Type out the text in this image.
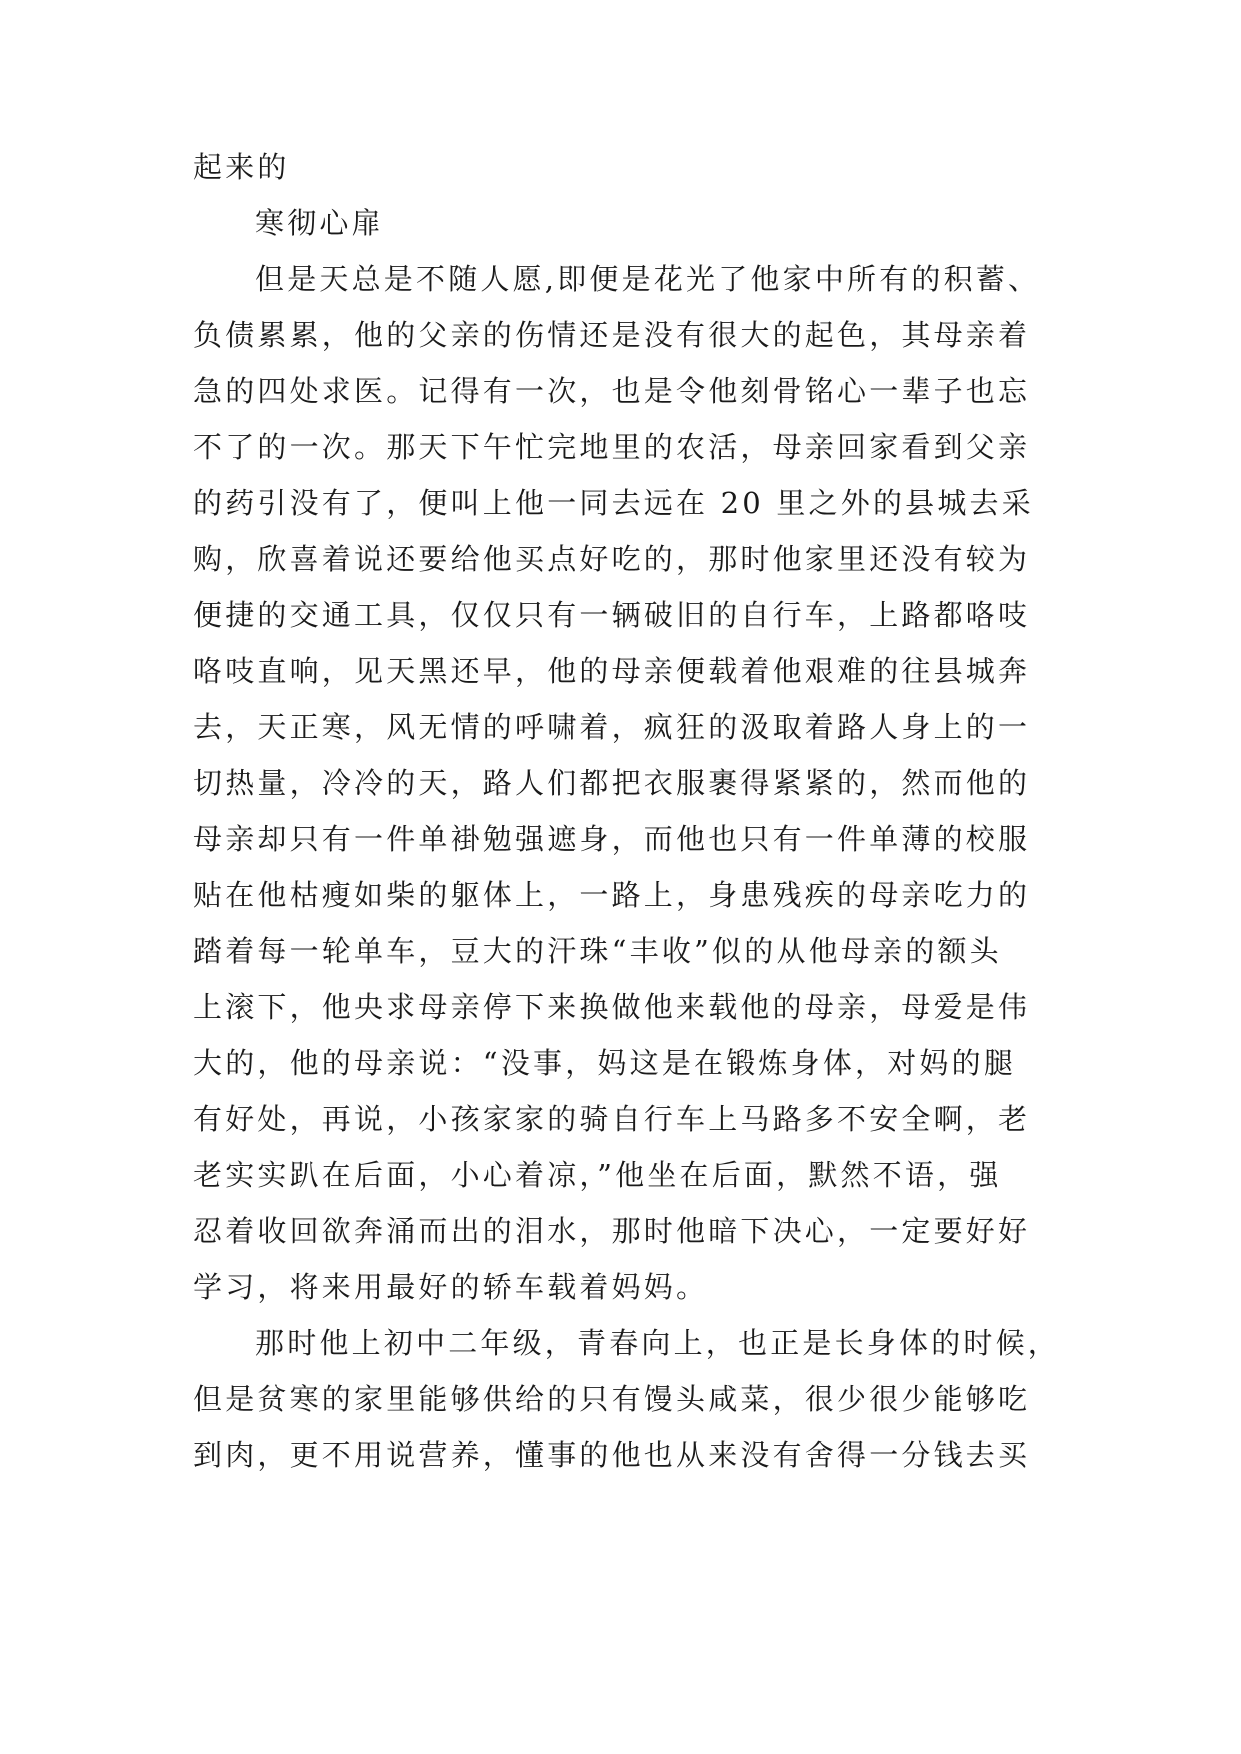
起来的
寒彻心扉
但是天总是不随人愿,即便是花光了他家中所有的积蓄、
负债累累，他的父亲的伤情还是没有很大的起色，其母亲着
急的四处求医。记得有一次，也是令他刻骨铭心一辈子也忘
不了的一次。那天下午忙完地里的农活，母亲回家看到父亲
的药引没有了，便叫上他一同去远在 20 里之外的县城去采
购，欣喜着说还要给他买点好吃的，那时他家里还没有较为
便捷的交通工具，仅仅只有一辆破旧的自行车，上路都咯吱
咯吱直响，见天黑还早，他的母亲便载着他艰难的往县城奔
去，天正寒，风无情的呼啸着，疯狂的汲取着路人身上的一
切热量，冷冷的天，路人们都把衣服裹得紧紧的，然而他的
母亲却只有一件单褂勉强遮身，而他也只有一件单薄的校服
贴在他枯瘦如柴的躯体上，一路上，身患残疾的母亲吃力的
踏着每一轮单车，豆大的汗珠“丰收”似的从他母亲的额头
上滚下，他央求母亲停下来换做他来载他的母亲，母爱是伟
大的，他的母亲说：“没事，妈这是在锻炼身体，对妈的腿
有好处，再说，小孩家家的骑自行车上马路多不安全啊，老
老实实趴在后面，小心着凉，”他坐在后面，默然不语，强
忍着收回欲奔涌而出的泪水，那时他暗下决心，一定要好好
学习，将来用最好的轿车载着妈妈。
那时他上初中二年级，青春向上，也正是长身体的时候，
但是贫寒的家里能够供给的只有馒头咸菜，很少很少能够吃
到肉，更不用说营养，懂事的他也从来没有舍得一分钱去买
